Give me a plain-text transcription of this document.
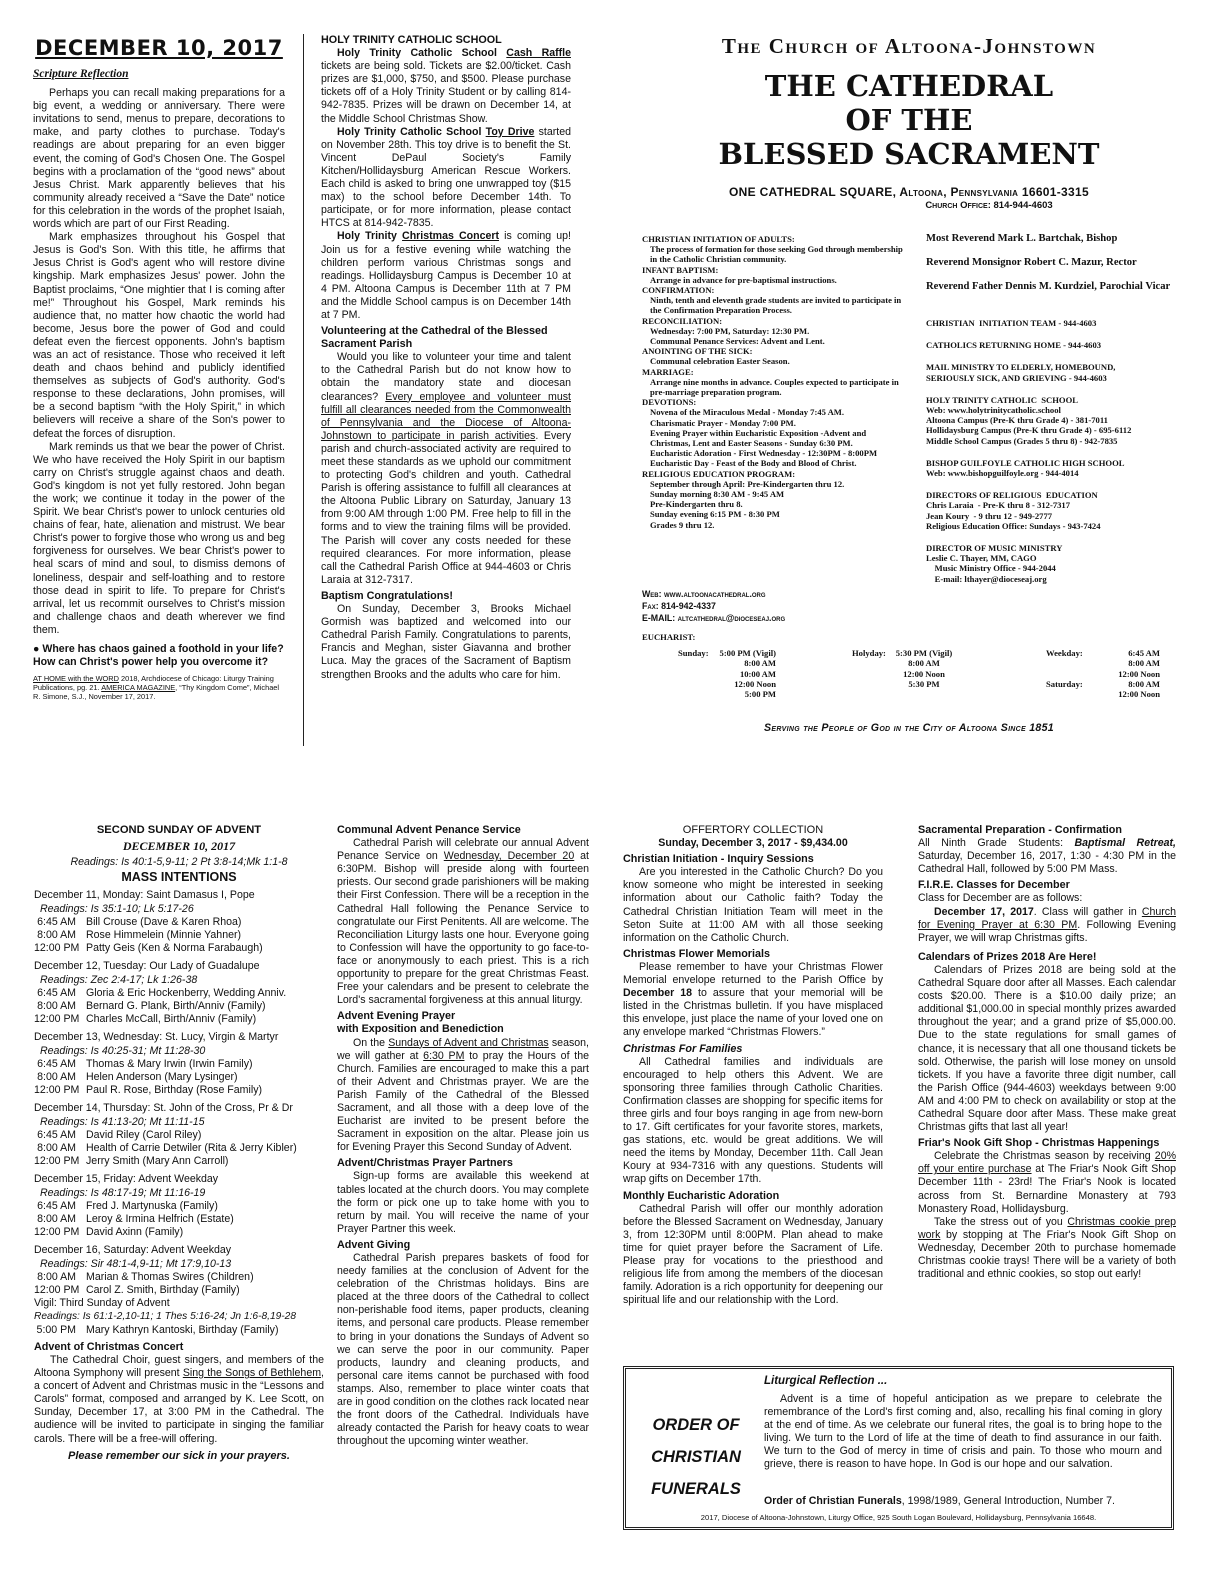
DECEMBER 10, 2017
Scripture Reflection

Perhaps you can recall making preparations for a big event, a wedding or anniversary. There were invitations to send, menus to prepare, decorations to make, and party clothes to purchase. Today's readings are about preparing for an even bigger event, the coming of God's Chosen One. The Gospel begins with a proclamation of the “good news” about Jesus Christ. Mark apparently believes that his community already received a “Save the Date” notice for this celebration in the words of the prophet Isaiah, words which are part of our First Reading.

Mark emphasizes throughout his Gospel that Jesus is God's Son. With this title, he affirms that Jesus Christ is God's agent who will restore divine kingship. Mark emphasizes Jesus' power. John the Baptist proclaims, “One mightier that I is coming after me!” Throughout his Gospel, Mark reminds his audience that, no matter how chaotic the world had become, Jesus bore the power of God and could defeat even the fiercest opponents. John's baptism was an act of resistance. Those who received it left death and chaos behind and publicly identified themselves as subjects of God's authority. God's response to these declarations, John promises, will be a second baptism “with the Holy Spirit,” in which believers will receive a share of the Son's power to defeat the forces of disruption.

Mark reminds us that we bear the power of Christ. We who have received the Holy Spirit in our baptism carry on Christ's struggle against chaos and death. God's kingdom is not yet fully restored. John began the work; we continue it today in the power of the Spirit. We bear Christ's power to unlock centuries old chains of fear, hate, alienation and mistrust. We bear Christ's power to forgive those who wrong us and beg forgiveness for ourselves. We bear Christ's power to heal scars of mind and soul, to dismiss demons of loneliness, despair and self-loathing and to restore those dead in spirit to life. To prepare for Christ's arrival, let us recommit ourselves to Christ's mission and challenge chaos and death wherever we find them.

● Where has chaos gained a foothold in your life? How can Christ's power help you overcome it?

AT HOME with the WORD 2018, Archdiocese of Chicago: Liturgy Training Publications, pg. 21. AMERICA MAGAZINE, “Thy Kingdom Come”, Michael R. Simone, S.J., November 17, 2017.
HOLY TRINITY CATHOLIC SCHOOL

Holy Trinity Catholic School Cash Raffle tickets are being sold. Tickets are $2.00/ticket. Cash prizes are $1,000, $750, and $500. Please purchase tickets off of a Holy Trinity Student or by calling 814-942-7835. Prizes will be drawn on December 14, at the Middle School Christmas Show.

Holy Trinity Catholic School Toy Drive started on November 28th. This toy drive is to benefit the St. Vincent DePaul Society's Family Kitchen/Hollidaysburg American Rescue Workers. Each child is asked to bring one unwrapped toy ($15 max) to the school before December 14th. To participate, or for more information, please contact HTCS at 814-942-7835.

Holy Trinity Christmas Concert is coming up! Join us for a festive evening while watching the children perform various Christmas songs and readings. Hollidaysburg Campus is December 10 at 4 PM. Altoona Campus is December 11th at 7 PM and the Middle School campus is on December 14th at 7 PM.

Volunteering at the Cathedral of the Blessed Sacrament Parish

Would you like to volunteer your time and talent to the Cathedral Parish but do not know how to obtain the mandatory state and diocesan clearances? Every employee and volunteer must fulfill all clearances needed from the Commonwealth of Pennsylvania and the Diocese of Altoona-Johnstown to participate in parish activities. Every parish and church-associated activity are required to meet these standards as we uphold our commitment to protecting God's children and youth. Cathedral Parish is offering assistance to fulfill all clearances at the Altoona Public Library on Saturday, January 13 from 9:00 AM through 1:00 PM. Free help to fill in the forms and to view the training films will be provided. The Parish will cover any costs needed for these required clearances. For more information, please call the Cathedral Parish Office at 944-4603 or Chris Laraia at 312-7317.

Baptism Congratulations!

On Sunday, December 3, Brooks Michael Gormish was baptized and welcomed into our Cathedral Parish Family. Congratulations to parents, Francis and Meghan, sister Giavanna and brother Luca. May the graces of the Sacrament of Baptism strengthen Brooks and the adults who care for him.

The Church of Altoona-Johnstown
THE CATHEDRAL
OF THE
BLESSED SACRAMENT
ONE CATHEDRAL SQUARE, Altoona, Pennsylvania 16601-3315
Church Office: 814-944-4603
CHRISTIAN INITIATION OF ADULTS:
The process of formation for those seeking God through membership in the Catholic Christian community.
INFANT BAPTISM:
Arrange in advance for pre-baptismal instructions.
CONFIRMATION:
Ninth, tenth and eleventh grade students are invited to participate in the Confirmation Preparation Process.
RECONCILIATION:
Wednesday: 7:00 PM, Saturday: 12:30 PM.
Communal Penance Services: Advent and Lent.
ANOINTING OF THE SICK:
Communal celebration Easter Season.
MARRIAGE:
Arrange nine months in advance. Couples expected to participate in pre-marriage preparation program.
DEVOTIONS:
Novena of the Miraculous Medal - Monday 7:45 AM.
Charismatic Prayer - Monday 7:00 PM.
Evening Prayer within Eucharistic Exposition -Advent and Christmas, Lent and Easter Seasons - Sunday 6:30 PM.
Eucharistic Adoration - First Wednesday - 12:30PM - 8:00PM
Eucharistic Day - Feast of the Body and Blood of Christ.
RELIGIOUS EDUCATION PROGRAM:
September through April: Pre-Kindergarten thru 12.
Sunday morning 8:30 AM - 9:45 AM
Pre-Kindergarten thru 8.
Sunday evening 6:15 PM - 8:30 PM
Grades 9 thru 12.
Web: www.altoonacathedral.org
Fax: 814-942-4337
E-MAIL: altcathedral@dioceseaj.org
Most Reverend Mark L. Bartchak, Bishop
Reverend Monsignor Robert C. Mazur, Rector
Reverend Father Dennis M. Kurdziel, Parochial Vicar
CHRISTIAN  INITIATION TEAM - 944-4603
CATHOLICS RETURNING HOME - 944-4603
MAIL MINISTRY TO ELDERLY, HOMEBOUND,
SERIOUSLY SICK, AND GRIEVING - 944-4603
HOLY TRINITY CATHOLIC  SCHOOL
Web: www.holytrinitycatholic.school
Altoona Campus (Pre-K thru Grade 4) - 381-7011
Hollidaysburg Campus (Pre-K thru Grade 4) - 695-6112
Middle School Campus (Grades 5 thru 8) - 942-7835
BISHOP GUILFOYLE CATHOLIC HIGH SCHOOL
Web: www.bishopguilfoyle.org - 944-4014
DIRECTORS OF RELIGIOUS  EDUCATION
Chris Laraia  - Pre-K thru 8 - 312-7317
Jean Koury  - 9 thru 12 - 949-2777
Religious Education Office: Sundays - 943-7424
DIRECTOR OF MUSIC MINISTRY
Leslie C. Thayer, MM, CAGO
Music Ministry Office - 944-2044
E-mail: lthayer@dioceseaj.org
EUCHARIST:
Sunday:	5:00 PM (Vigil)
8:00 AM
10:00 AM
12:00 Noon
5:00 PM
Holyday:	5:30 PM (Vigil)
8:00 AM
12:00 Noon
5:30 PM
Weekday:	6:45 AM
8:00 AM
12:00 Noon
Saturday:	8:00 AM
12:00 Noon
Serving the People of God in the City of Altoona Since 1851
SECOND SUNDAY OF ADVENT
DECEMBER 10, 2017
Readings: Is 40:1-5,9-11; 2 Pt 3:8-14;Mk 1:1-8
MASS INTENTIONS
December 11, Monday: Saint Damasus I, Pope
Readings: Is 35:1-10; Lk 5:17-26
6:45 AM Bill Crouse (Dave & Karen Rhoa)
8:00 AM Rose Himmelein (Minnie Yahner)
12:00 PM Patty Geis (Ken & Norma Farabaugh)
December 12, Tuesday: Our Lady of Guadalupe
Readings: Zec 2:4-17; Lk 1:26-38
6:45 AM Gloria & Eric Hockenberry, Wedding Anniv.
8:00 AM Bernard G. Plank, Birth/Anniv (Family)
12:00 PM Charles McCall, Birth/Anniv (Family)
December 13, Wednesday: St. Lucy, Virgin & Martyr
Readings: Is 40:25-31; Mt 11:28-30
6:45 AM Thomas & Mary Irwin (Irwin Family)
8:00 AM Helen Anderson (Mary Lysinger)
12:00 PM Paul R. Rose, Birthday (Rose Family)
December 14, Thursday: St. John of the Cross, Pr & Dr
Readings: Is 41:13-20; Mt 11:11-15
6:45 AM David Riley (Carol Riley)
8:00 AM Health of Carrie Detwiler (Rita & Jerry Kibler)
12:00 PM Jerry Smith (Mary Ann Carroll)
December 15, Friday: Advent Weekday
Readings: Is 48:17-19; Mt 11:16-19
6:45 AM Fred J. Martynuska (Family)
8:00 AM Leroy & Irmina Helfrich (Estate)
12:00 PM David Axinn (Family)
December 16, Saturday: Advent Weekday
Readings: Sir 48:1-4,9-11; Mt 17:9,10-13
8:00 AM Marian & Thomas Swires (Children)
12:00 PM Carol Z. Smith, Birthday (Family)
Vigil: Third Sunday of Advent
Readings: Is 61:1-2,10-11; 1 Thes 5:16-24; Jn 1:6-8,19-28
5:00 PM Mary Kathryn Kantoski, Birthday (Family)
Advent of Christmas Concert

The Cathedral Choir, guest singers, and members of the Altoona Symphony will present Sing the Songs of Bethlehem, a concert of Advent and Christmas music in the “Lessons and Carols” format, composed and arranged by K. Lee Scott, on Sunday, December 17, at 3:00 PM in the Cathedral. The audience will be invited to participate in singing the familiar carols. There will be a free-will offering.

Please remember our sick in your prayers.
Communal Advent Penance Service

Cathedral Parish will celebrate our annual Advent Penance Service on Wednesday, December 20 at 6:30PM. Bishop will preside along with fourteen priests. Our second grade parishioners will be making their First Confession. There will be a reception in the Cathedral Hall following the Penance Service to congratulate our First Penitents. All are welcome. The Reconciliation Liturgy lasts one hour. Everyone going to Confession will have the opportunity to go face-to-face or anonymously to each priest. This is a rich opportunity to prepare for the great Christmas Feast. Free your calendars and be present to celebrate the Lord's sacramental forgiveness at this annual liturgy.

Advent Evening Prayer
with Exposition and Benediction

On the Sundays of Advent and Christmas season, we will gather at 6:30 PM to pray the Hours of the Church. Families are encouraged to make this a part of their Advent and Christmas prayer. We are the Parish Family of the Cathedral of the Blessed Sacrament, and all those with a deep love of the Eucharist are invited to be present before the Sacrament in exposition on the altar. Please join us for Evening Prayer this Second Sunday of Advent.

Advent/Christmas Prayer Partners

Sign-up forms are available this weekend at tables located at the church doors. You may complete the form or pick one up to take home with you to return by mail. You will receive the name of your Prayer Partner this week.

Advent Giving

Cathedral Parish prepares baskets of food for needy families at the conclusion of Advent for the celebration of the Christmas holidays. Bins are placed at the three doors of the Cathedral to collect non-perishable food items, paper products, cleaning items, and personal care products. Please remember to bring in your donations the Sundays of Advent so we can serve the poor in our community. Paper products, laundry and cleaning products, and personal care items cannot be purchased with food stamps. Also, remember to place winter coats that are in good condition on the clothes rack located near the front doors of the Cathedral. Individuals have already contacted the Parish for heavy coats to wear throughout the upcoming winter weather.

OFFERTORY COLLECTION
Sunday, December 3, 2017 - $9,434.00
Christian Initiation - Inquiry Sessions

Are you interested in the Catholic Church? Do you know someone who might be interested in seeking information about our Catholic faith? Today the Cathedral Christian Initiation Team will meet in the Seton Suite at 11:00 AM with all those seeking information on the Catholic Church.

Christmas Flower Memorials

Please remember to have your Christmas Flower Memorial envelope returned to the Parish Office by December 18 to assure that your memorial will be listed in the Christmas bulletin. If you have misplaced this envelope, just place the name of your loved one on any envelope marked “Christmas Flowers.”

Christmas For Families

All Cathedral families and individuals are encouraged to help others this Advent. We are sponsoring three families through Catholic Charities. Confirmation classes are shopping for specific items for three girls and four boys ranging in age from new-born to 17. Gift certificates for your favorite stores, markets, gas stations, etc. would be great additions. We will need the items by Monday, December 11th. Call Jean Koury at 934-7316 with any questions. Students will wrap gifts on December 17th.

Monthly Eucharistic Adoration

Cathedral Parish will offer our monthly adoration before the Blessed Sacrament on Wednesday, January 3, from 12:30PM until 8:00PM. Plan ahead to make time for quiet prayer before the Sacrament of Life. Please pray for vocations to the priesthood and religious life from among the members of the diocesan family. Adoration is a rich opportunity for deepening our spiritual life and our relationship with the Lord.

Sacramental Preparation - Confirmation

All Ninth Grade Students: Baptismal Retreat, Saturday, December 16, 2017, 1:30 - 4:30 PM in the Cathedral Hall, followed by 5:00 PM Mass.

F.I.R.E. Classes for December

Class for December are as follows:

December 17, 2017. Class will gather in Church for Evening Prayer at 6:30 PM. Following Evening Prayer, we will wrap Christmas gifts.

Calendars of Prizes 2018 Are Here!

Calendars of Prizes 2018 are being sold at the Cathedral Square door after all Masses. Each calendar costs $20.00. There is a $10.00 daily prize; an additional $1,000.00 in special monthly prizes awarded throughout the year; and a grand prize of $5,000.00. Due to the state regulations for small games of chance, it is necessary that all one thousand tickets be sold. Otherwise, the parish will lose money on unsold tickets. If you have a favorite three digit number, call the Parish Office (944-4603) weekdays between 9:00 AM and 4:00 PM to check on availability or stop at the Cathedral Square door after Mass. These make great Christmas gifts that last all year!

Friar's Nook Gift Shop - Christmas Happenings

Celebrate the Christmas season by receiving 20% off your entire purchase at The Friar's Nook Gift Shop December 11th - 23rd! The Friar's Nook is located across from St. Bernardine Monastery at 793 Monastery Road, Hollidaysburg.

Take the stress out of you Christmas cookie prep work by stopping at The Friar's Nook Gift Shop on Wednesday, December 20th to purchase homemade Christmas cookie trays! There will be a variety of both traditional and ethnic cookies, so stop out early!

ORDER OF
CHRISTIAN
FUNERALS
Liturgical Reflection ...
Advent is a time of hopeful anticipation as we prepare to celebrate the remembrance of the Lord's first coming and, also, recalling his final coming in glory at the end of time. As we celebrate our funeral rites, the goal is to bring hope to the living. We turn to the Lord of life at the time of death to find assurance in our faith. We turn to the God of mercy in time of crisis and pain. To those who mourn and grieve, there is reason to have hope. In God is our hope and our salvation.
Order of Christian Funerals, 1998/1989, General Introduction, Number 7.
2017, Diocese of Altoona-Johnstown, Liturgy Office, 925 South Logan Boulevard, Hollidaysburg, Pennsylvania 16648.
